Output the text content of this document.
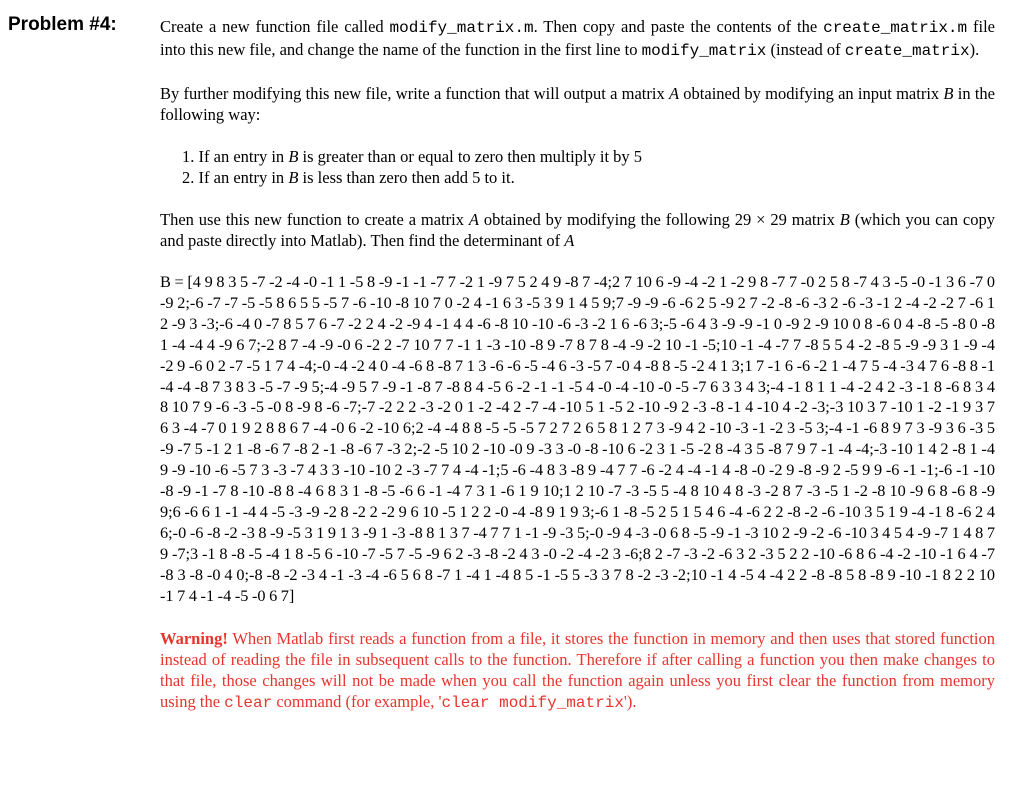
Problem #4:	Create a new function file called modify_matrix.m. Then copy and paste the contents of the create_matrix.m file into this new file, and change the name of the function in the first line to modify_matrix (instead of create_matrix).

By further modifying this new file, write a function that will output a matrix A obtained by modifying an input matrix B in the following way:

1. If an entry in B is greater than or equal to zero then multiply it by 5
2. If an entry in B is less than zero then add 5 to it.

Then use this new function to create a matrix A obtained by modifying the following 29 × 29 matrix B (which you can copy and paste directly into Matlab). Then find the determinant of A

B = [4 9 8 3 5 -7 -2 -4 -0 -1 1 -5 8 -9 -1 -1 -7 7 -2 1 -9 7 5 2 4 9 -8 7 -4;2 7 10 6 -9 -4 -2 1 -2 9 8 -7 7 -0 2 5 8 -7 4 3 -5 -0 -1 3 6 -7 0 -9 2;-6 -7 -7 -5 -5 8 6 5 5 -5 7 -6 -10 -8 10 7 0 -2 4 -1 6 3 -5 3 9 1 4 5 9;7 -9 -9 -6 -6 2 5 -9 2 7 -2 -8 -6 -3 2 -6 -3 -1 2 -4 -2 -2 7 -6 1 2 -9 3 -3;-6 -4 0 -7 8 5 7 6 -7 -2 2 4 -2 -9 4 -1 4 4 -6 -8 10 -10 -6 -3 -2 1 6 -6 3;-5 -6 4 3 -9 -9 -1 0 -9 2 -9 10 0 8 -6 0 4 -8 -5 -8 0 -8 1 -4 -4 4 -9 6 7;-2 8 7 -4 -9 -0 6 -2 2 -7 10 7 7 -1 1 -3 -10 -8 9 -7 8 7 8 -4 -9 -2 10 -1 -5;10 -1 -4 -7 7 -8 5 5 4 -2 -8 5 -9 -9 3 1 -9 -4 -2 9 -6 0 2 -7 -5 1 7 4 -4;-0 -4 -2 4 0 -4 -6 8 -8 7 1 3 -6 -6 -5 -4 6 -3 -5 7 -0 4 -8 8 -5 -2 4 1 3;1 7 -1 6 -6 -2 1 -4 7 5 -4 -3 4 7 6 -8 8 -1 -4 -4 -8 7 3 8 3 -5 -7 -9 5;-4 -9 5 7 -9 -1 -8 7 -8 8 4 -5 6 -2 -1 -1 -5 4 -0 -4 -10 -0 -5 -7 6 3 3 4 3;-4 -1 8 1 1 -4 -2 4 2 -3 -1 8 -6 8 3 4 8 10 7 9 -6 -3 -5 -0 8 -9 8 -6 -7;-7 -2 2 2 -3 -2 0 1 -2 -4 2 -7 -4 -10 5 1 -5 2 -10 -9 2 -3 -8 -1 4 -10 4 -2 -3;-3 10 3 7 -10 1 -2 -1 9 3 7 6 3 -4 -7 0 1 9 2 8 8 6 7 -4 -0 6 -2 -10 6;2 -4 -4 8 8 -5 -5 -5 7 2 7 2 6 5 8 1 2 7 3 -9 4 2 -10 -3 -1 -2 3 -5 3;-4 -1 -6 8 9 7 3 -9 3 6 -3 5 -9 -7 5 -1 2 1 -8 -6 7 -8 2 -1 -8 -6 7 -3 2;-2 -5 10 2 -10 -0 9 -3 3 -0 -8 -10 6 -2 3 1 -5 -2 8 -4 3 5 -8 7 9 7 -1 -4 -4;-3 -10 1 4 2 -8 1 -4 9 -9 -10 -6 -5 7 3 -3 -7 4 3 3 -10 -10 2 -3 -7 7 4 -4 -1;5 -6 -4 8 3 -8 9 -4 7 7 -6 -2 4 -4 -1 4 -8 -0 -2 9 -8 -9 2 -5 9 9 -6 -1 -1;-6 -1 -10 -8 -9 -1 -7 8 -10 -8 8 -4 6 8 3 1 -8 -5 -6 6 -1 -4 7 3 1 -6 1 9 10;1 2 10 -7 -3 -5 5 -4 8 10 4 8 -3 -2 8 7 -3 -5 1 -2 -8 10 -9 6 8 -6 8 -9 9;6 -6 6 1 -1 -4 4 -5 -3 -9 -2 8 -2 2 -2 9 6 10 -5 1 2 2 -0 -4 -8 9 1 9 3;-6 1 -8 -5 2 5 1 5 4 6 -4 -6 2 2 -8 -2 -6 -10 3 5 1 9 -4 -1 8 -6 2 4 6;-0 -6 -8 -2 -3 8 -9 -5 3 1 9 1 3 -9 1 -3 -8 8 1 3 7 -4 7 7 1 -1 -9 -3 5;-0 -9 4 -3 -0 6 8 -5 -9 -1 -3 10 2 -9 -2 -6 -10 3 4 5 4 -9 -7 1 4 8 7 9 -7;3 -1 8 -8 -5 -4 1 8 -5 6 -10 -7 -5 7 -5 -9 6 2 -3 -8 -2 4 3 -0 -2 -4 -2 3 -6;8 2 -7 -3 -2 -6 3 2 -3 5 2 2 -10 -6 8 6 -4 -2 -10 -1 6 4 -7 -8 3 -8 -0 4 0;-8 -8 -2 -3 4 -1 -3 -4 -6 5 6 8 -7 1 -4 1 -4 8 5 -1 -5 5 -3 3 7 8 -2 -3 -2;10 -1 4 -5 4 -4 2 2 -8 -8 5 8 -8 9 -10 -1 8 2 2 10 -1 7 4 -1 -4 -5 -0 6 7]

Warning! When Matlab first reads a function from a file, it stores the function in memory and then uses that stored function instead of reading the file in subsequent calls to the function. Therefore if after calling a function you then make changes to that file, those changes will not be made when you call the function again unless you first clear the function from memory using the clear command (for example, 'clear modify_matrix').
